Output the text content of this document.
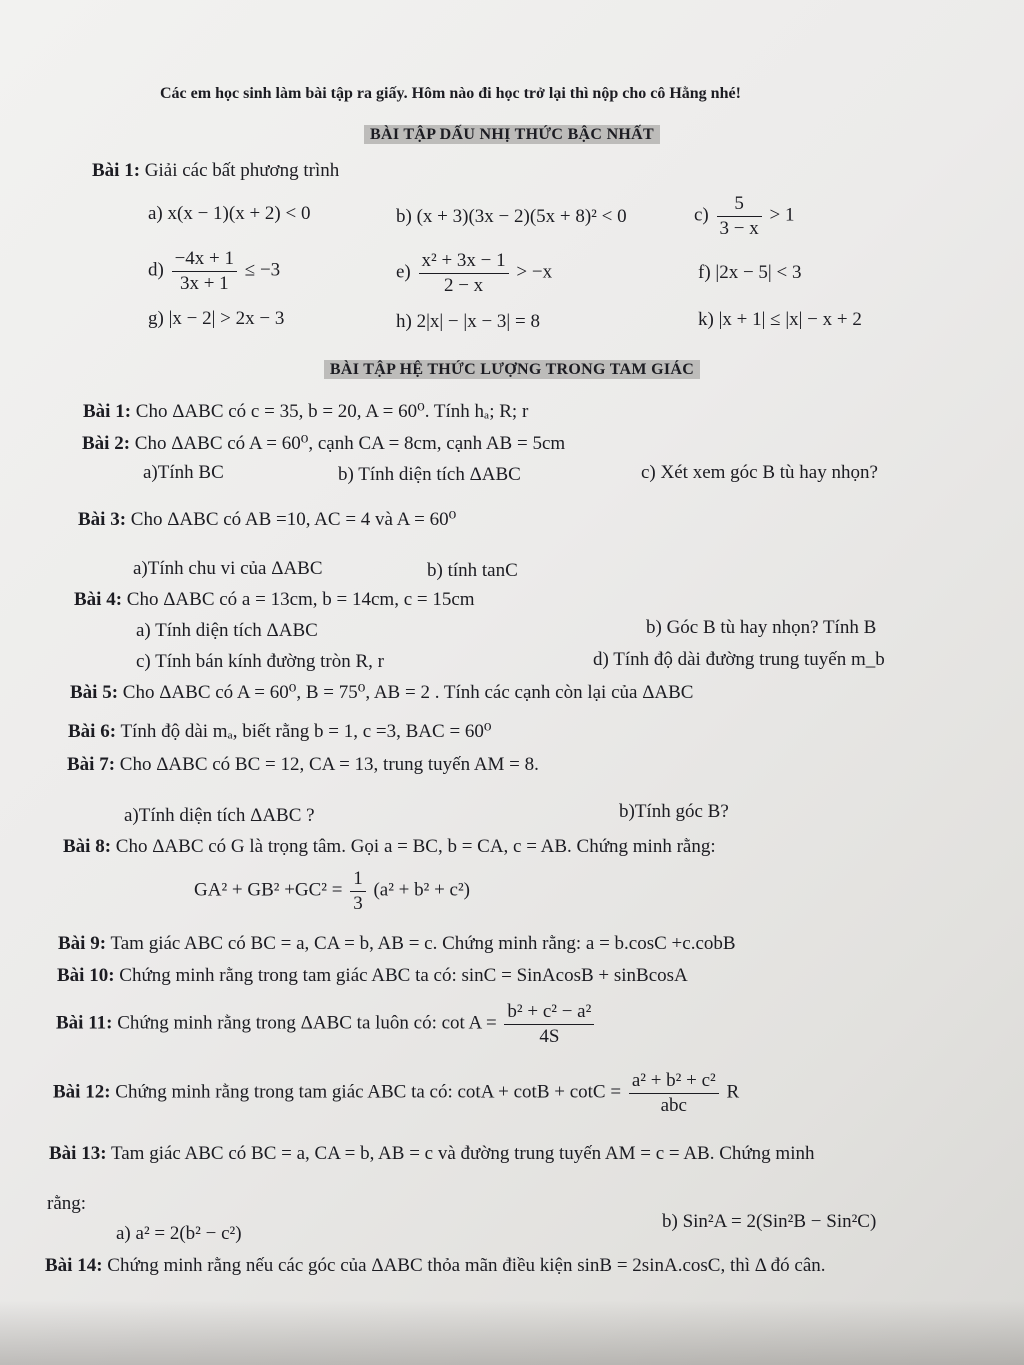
Các em học sinh làm bài tập ra giấy. Hôm nào đi học trở lại thì nộp cho cô Hằng nhé!
BÀI TẬP DẤU NHỊ THỨC BẬC NHẤT
Bài 1: Giải các bất phương trình
a) x(x − 1)(x + 2) < 0	b) (x + 3)(3x − 2)(5x + 8)² < 0	$c) \frac{5}{3 - x} > 1$
$d) \frac{-4x + 1}{3x + 1} \le -3$	$e) \frac{\text{x² + 3x − 1}}{2 - x} > -x$	f) |2x − 5| < 3
g) |x − 2| > 2x − 3	h) 2|x| − |x − 3| = 8	k) |x + 1| ≤ |x| − x + 2
BÀI TẬP HỆ THỨC LƯỢNG TRONG TAM GIÁC
Bài 1: Cho ΔABC có c = 35, b = 20, A = 60⁰. Tính hₐ; R; r
Bài 2: Cho ΔABC có A = 60⁰, cạnh CA = 8cm, cạnh AB = 5cm
a)Tính BC	b) Tính diện tích ΔABC	c) Xét xem góc B tù hay nhọn?
Bài 3: Cho ΔABC có AB =10, AC = 4 và A = 60⁰
a)Tính chu vi của ΔABC	b) tính tanC
Bài 4: Cho ΔABC có a = 13cm, b = 14cm, c = 15cm
a) Tính diện tích ΔABC	b) Góc B tù hay nhọn? Tính B
c) Tính bán kính đường tròn R, r	d) Tính độ dài đường trung tuyến m_b
Bài 5: Cho ΔABC có A = 60⁰, B = 75⁰, AB = 2 . Tính các cạnh còn lại của ΔABC
Bài 6: Tính độ dài mₐ, biết rằng b = 1, c =3, BAC = 60⁰
Bài 7: Cho ΔABC có BC = 12, CA = 13, trung tuyến AM = 8.
a)Tính diện tích ΔABC ?	b)Tính góc B?
Bài 8: Cho ΔABC có G là trọng tâm. Gọi a = BC, b = CA, c = AB. Chứng minh rằng:
$GA^2 + GB^2 +GC^2 = \frac{1}{3} (a^2 + b^2 + c^2)$
Bài 9: Tam giác ABC có BC = a, CA = b, AB = c. Chứng minh rằng: a = b.cosC +c.cobB
Bài 10: Chứng minh rằng trong tam giác ABC ta có: sinC = SinAcosB + sinBcosA
Bài 11: Chứng minh rằng trong ΔABC ta luôn có: $\cot A = \frac{\text{b² + c² − a²}}{4S}$
Bài 12: Chứng minh rằng trong tam giác ABC ta có: $\cot A + \cot B + \cot C = \frac{\text{a² + b² + c²}}{\text{abc}}$ R
Bài 13: Tam giác ABC có BC = a, CA = b, AB = c và đường trung tuyến AM = c = AB. Chứng minh
rằng:
a) a² = 2(b² − c²)
b) Sin²A = 2(Sin²B − Sin²C)
Bài 14: Chứng minh rằng nếu các góc của ΔABC thỏa mãn điều kiện sinB = 2sinA.cosC, thì Δ đó cân.
